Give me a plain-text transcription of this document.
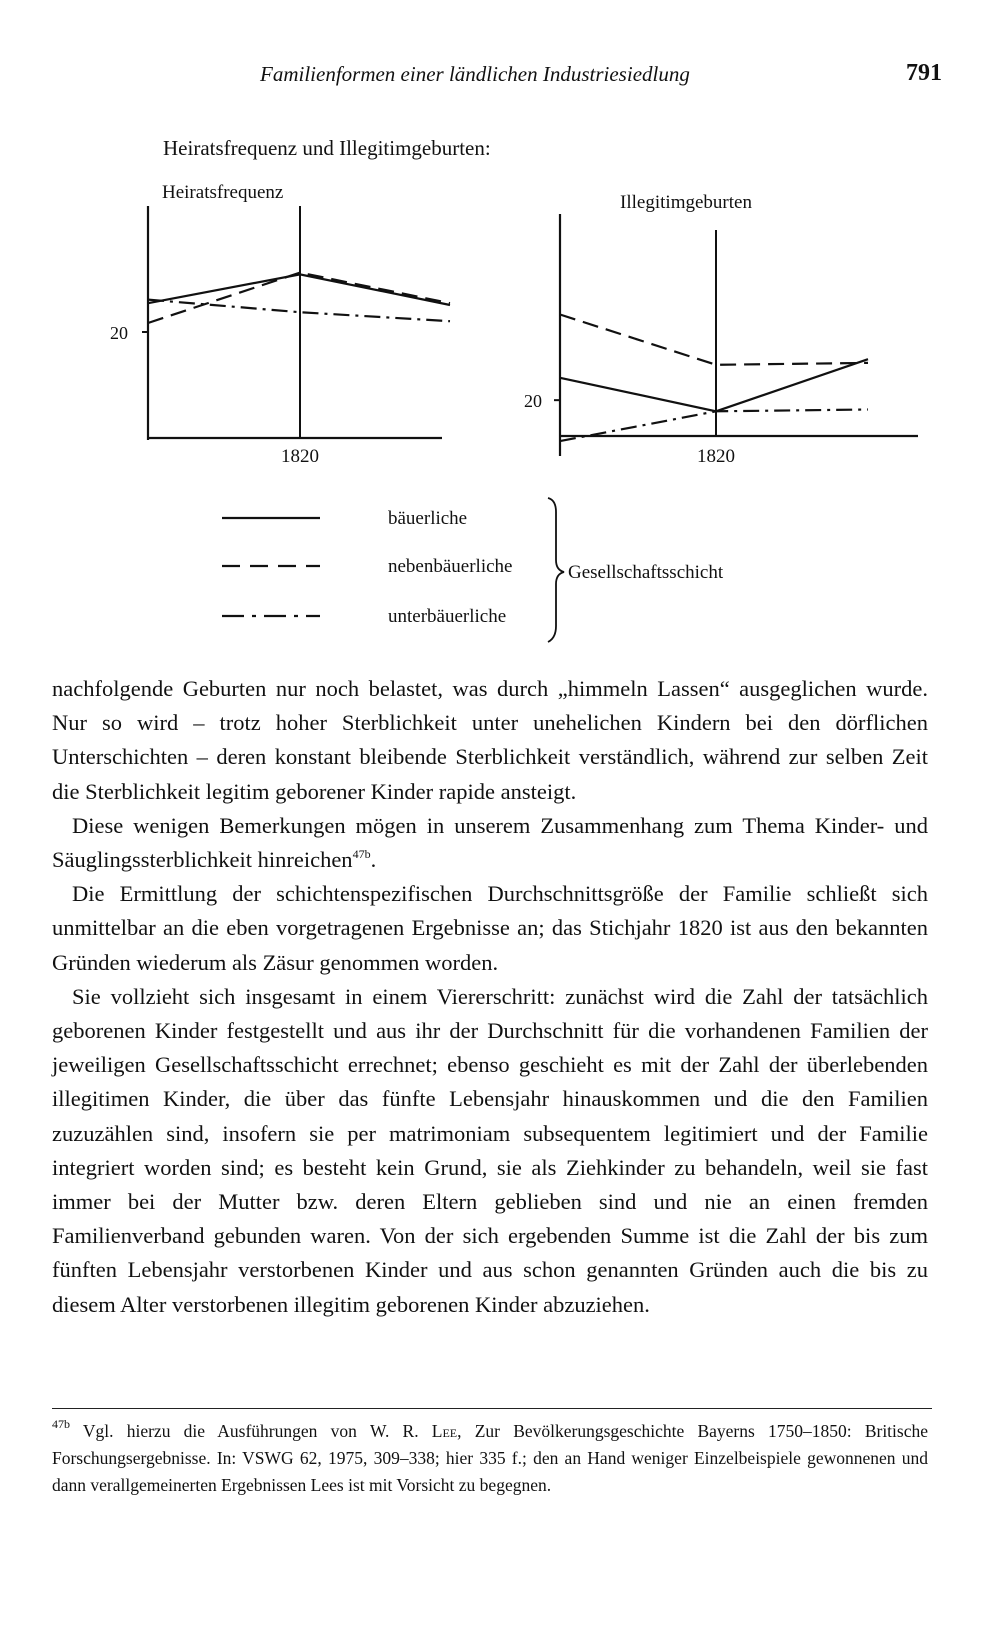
Familienformen einer ländlichen Industriesiedlung	791
Heiratsfrequenz und Illegitimgeburten:
20
1820
Heiratsfrequenz
20
1820
Illegitimgeburten
bäuerliche
nebenbäuerliche
unterbäuerliche
Gesellschaftsschicht

nachfolgende Geburten nur noch belastet, was durch „himmeln Lassen“ ausgeglichen wurde. Nur so wird – trotz hoher Sterblichkeit unter unehelichen Kindern bei den dörflichen Unterschichten – deren konstant bleibende Sterblichkeit verständlich, während zur selben Zeit die Sterblichkeit legitim geborener Kinder rapide ansteigt.

Diese wenigen Bemerkungen mögen in unserem Zusammenhang zum Thema Kinder- und Säuglingssterblichkeit hinreichen$^{47b}$.

Die Ermittlung der schichtenspezifischen Durchschnittsgröße der Familie schließt sich unmittelbar an die eben vorgetragenen Ergebnisse an; das Stichjahr 1820 ist aus den bekannten Gründen wiederum als Zäsur genommen worden.

Sie vollzieht sich insgesamt in einem Viererschritt: zunächst wird die Zahl der tatsächlich geborenen Kinder festgestellt und aus ihr der Durchschnitt für die vorhandenen Familien der jeweiligen Gesellschaftsschicht errechnet; ebenso geschieht es mit der Zahl der überlebenden illegitimen Kinder, die über das fünfte Lebensjahr hinauskommen und die den Familien zuzuzählen sind, insofern sie per matrimoniam subsequentem legitimiert und der Familie integriert worden sind; es besteht kein Grund, sie als Ziehkinder zu behandeln, weil sie fast immer bei der Mutter bzw. deren Eltern geblieben sind und nie an einen fremden Familienverband gebunden waren. Von der sich ergebenden Summe ist die Zahl der bis zum fünften Lebensjahr verstorbenen Kinder und aus schon genannten Gründen auch die bis zu diesem Alter verstorbenen illegitim geborenen Kinder abzuziehen.

$^{47b}$ Vgl. hierzu die Ausführungen von W. R. Lee, Zur Bevölkerungsgeschichte Bayerns 1750–1850: Britische Forschungsergebnisse. In: VSWG 62, 1975, 309–338; hier 335 f.; den an Hand weniger Einzelbeispiele gewonnenen und dann verallgemeinerten Ergebnissen Lees ist mit Vorsicht zu begegnen.
